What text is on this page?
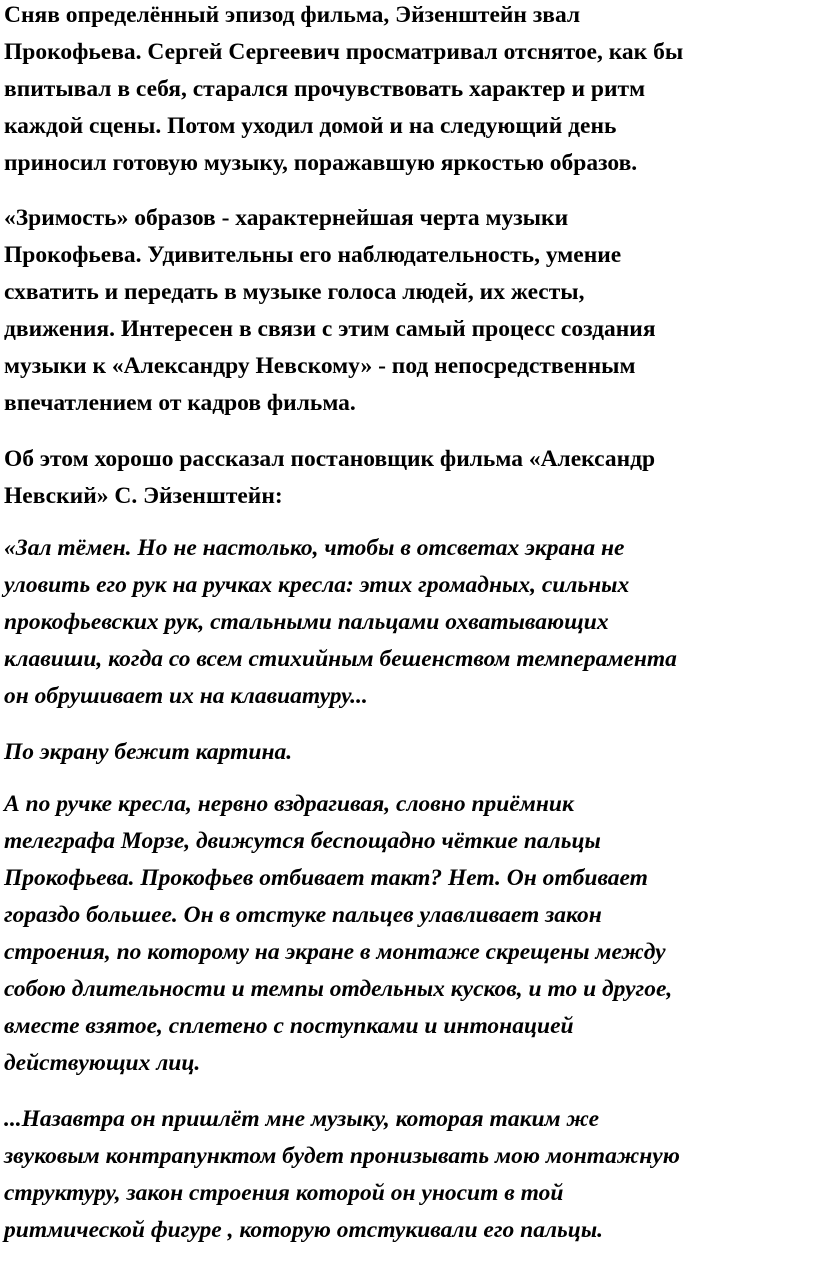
Сняв определённый эпизод фильма, Эйзенштейн звал
Прокофьева. Сергей Сергеевич просматривал отснятое, как бы
впитывал в себя, старался прочувствовать характер и ритм
каждой сцены. Потом уходил домой и на следующий день
приносил готовую музыку, поражавшую яркостью образов.
«Зримость» образов - характернейшая черта музыки
Прокофьева. Удивительны его наблюдательность, умение
схватить и передать в музыке голоса людей, их жесты,
движения. Интересен в связи с этим самый процесс создания
музыки к «Александру Невскому» - под непосредственным
впечатлением от кадров фильма.
Об этом хорошо рассказал постановщик фильма «Александр
Невский» С. Эйзенштейн:
«Зал тёмен. Но не настолько, чтобы в отсветах экрана не
уловить его рук на ручках кресла: этих громадных, сильных
прокофьевских рук, стальными пальцами охватывающих
клавиши, когда со всем стихийным бешенством темперамента
он обрушивает их на клавиатуру...
По экрану бежит картина.
А по ручке кресла, нервно вздрагивая, словно приёмник
телеграфа Морзе, движутся беспощадно чёткие пальцы
Прокофьева. Прокофьев отбивает такт? Нет. Он отбивает
гораздо большее. Он в отстуке пальцев улавливает закон
строения, по которому на экране в монтаже скрещены между
собою длительности и темпы отдельных кусков, и то и другое,
вместе взятое, сплетено с поступками и интонацией
действующих лиц.
...Назавтра он пришлёт мне музыку, которая таким же
звуковым контрапунктом будет пронизывать мою монтажную
структуру, закон строения которой он уносит в той
ритмической фигуре , которую отстукивали его пальцы.
